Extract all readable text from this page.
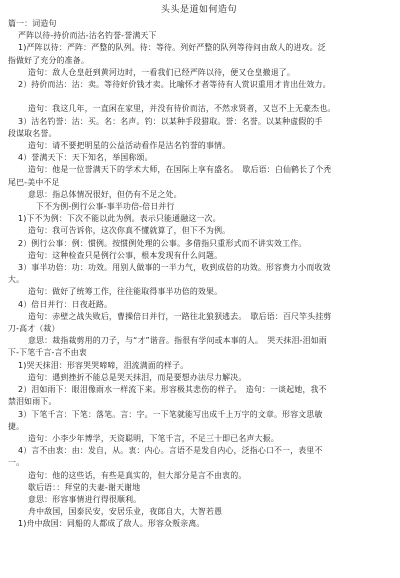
头头是道如何造句
篇一：词造句
严阵以待-持价而沽-沽名钓誉-誉满天下
1)严阵以待：严阵：严整的队列。待：等待。列好严整的队列等待问由敌人的进攻。泛
指做好了充分的准备。
造句：敌人仓皇赶到黄河边时，一看我们已经严阵以待，便又仓皇撤退了。
2）持价而沽：沽：卖。等待好价钱才卖。比喻怀才者等待有人赏识重用才肯出仕效力。

造句：我这几年，一直闲在家里，并没有待价而沽，不然求贤者，又岂不上无豪杰也。
3）沽名钓誉：沽：买。名：名声。钓：以某种手段猎取。誉：名誉。以某种虚假的手
段谋取名誉。
造句：请不要把明星的公益活动看作是沽名钓誉的事情。
4）誉满天下：天下知名，举国称颂。
造句：他是一位誉满天下的学术大师，在国际上享有盛名。　歇后语：白仙鹤长了个秃
尾巴-美中不足
意思：指总体情况很好，但仍有不足之处。
下不为例-例行公事-事半功倍-倍日并行
1)下不为例：下次不能以此为例。表示只能通融这一次。
造句：我可告诉你，这次你真不懂就算了，但下不为例。
2）例行公事：例：惯例。按惯例处理的公事。多借指只重形式而不讲实效工作。
造句：这种检查只是例行公事，根本发现有什么问题。
3）事半功倍：功：功效。用别人做事的一半力气，收到成倍的功效。形容费力小而收效
大。
造句：做好了统筹工作，往往能取得事半功倍的效果。
4）倍日并行：日夜赶路。
造句：赤壁之战失败后，曹操倍日并行，一路往北狼狈逃去。　歇后语：百尺竿头挂剪
刀-高才（裁）
意思：裁指裁剪用的刀子，与“才”谐音。指很有学问或本事的人。　哭天抹泪-泪如雨
下-下笔千言-言不由衷
1)哭天抹泪：形容哭哭啼啼，泪流满面的样子。
造句：遇到挫折不能总是哭天抹泪，而是要想办法尽力解决。
2）泪如雨下：眼泪像雨水一样流下来。形容极其悲伤的样子。　造句：一谈起她，我不
禁泪如雨下。
3）下笔千言：下笔：落笔。言：字。一下笔就能写出成千上万字的文章。形容文思敏
捷。
造句：小李少年博学，天资聪明，下笔千言，不足三十即已名声大振。
4）言不由衷：由：发自，从。衷：内心。言语不是发自内心，泛指心口不一，表里不
一。
造句：他的这些话，有些是真实的，但大部分是言不由衷的。
歇后语：：拜堂的夫妻-谢天谢地
意思：形容事情进行得很顺利。
舟中敌国，国泰民安，安居乐业，夜郎自大，大智若愚
1)舟中敌国：同船的人都成了敌人。形容众叛亲离。
